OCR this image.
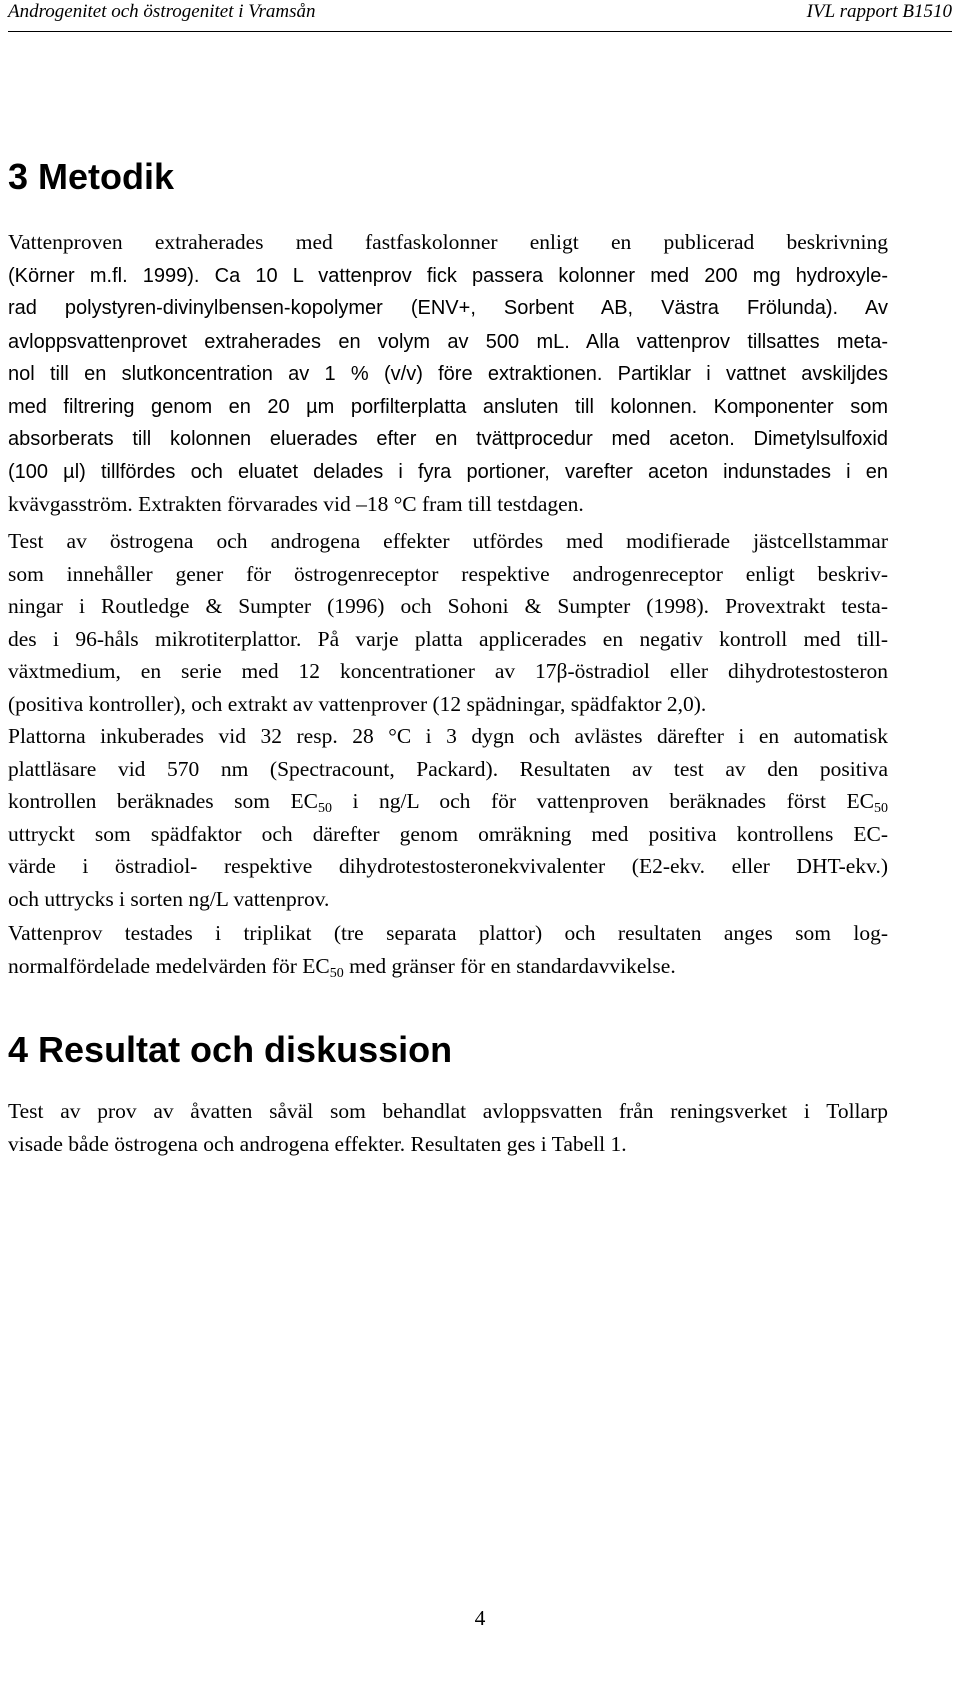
Androgenitet och östrogenitet i Vramsån	IVL rapport B1510
3 Metodik
Vattenproven extraherades med fastfaskolonner enligt en publicerad beskrivning
(Körner m.fl. 1999). Ca 10 L vattenprov fick passera kolonner med 200 mg hydroxyle-
rad polystyren-divinylbensen-kopolymer (ENV+, Sorbent AB, Västra Frölunda). Av
avloppsvattenprovet extraherades en volym av 500 mL. Alla vattenprov tillsattes meta-
nol till en slutkoncentration av 1 % (v/v) före extraktionen. Partiklar i vattnet avskiljdes
med filtrering genom en 20 µm porfilterplatta ansluten till kolonnen. Komponenter som
absorberats till kolonnen eluerades efter en tvättprocedur med aceton. Dimetylsulfoxid
(100 µl) tillfördes och eluatet delades i fyra portioner, varefter aceton indunstades i en
kvävgasström. Extrakten förvarades vid –18 °C fram till testdagen.
Test av östrogena och androgena effekter utfördes med modifierade jästcellstammar
som innehåller gener för östrogenreceptor respektive androgenreceptor enligt beskriv-
ningar i Routledge & Sumpter (1996) och Sohoni & Sumpter (1998). Provextrakt testa-
des i 96-håls mikrotiterplattor. På varje platta applicerades en negativ kontroll med till-
växtmedium, en serie med 12 koncentrationer av 17β-östradiol eller dihydrotestosteron
(positiva kontroller), och extrakt av vattenprover (12 spädningar, spädfaktor 2,0).
Plattorna inkuberades vid 32 resp. 28 °C i 3 dygn och avlästes därefter i en automatisk
plattläsare vid 570 nm (Spectracount, Packard). Resultaten av test av den positiva
kontrollen beräknades som $EC_{50}$ i ng/L och för vattenproven beräknades först $EC_{50}$
uttryckt som spädfaktor och därefter genom omräkning med positiva kontrollens EC-
värde i östradiol- respektive dihydrotestosteronekvivalenter (E2-ekv. eller DHT-ekv.)
och uttrycks i sorten ng/L vattenprov.
Vattenprov testades i triplikat (tre separata plattor) och resultaten anges som log-
normalfördelade medelvärden för $EC_{50}$ med gränser för en standardavvikelse.
4 Resultat och diskussion
Test av prov av åvatten såväl som behandlat avloppsvatten från reningsverket i Tollarp
visade både östrogena och androgena effekter. Resultaten ges i Tabell 1.
4
